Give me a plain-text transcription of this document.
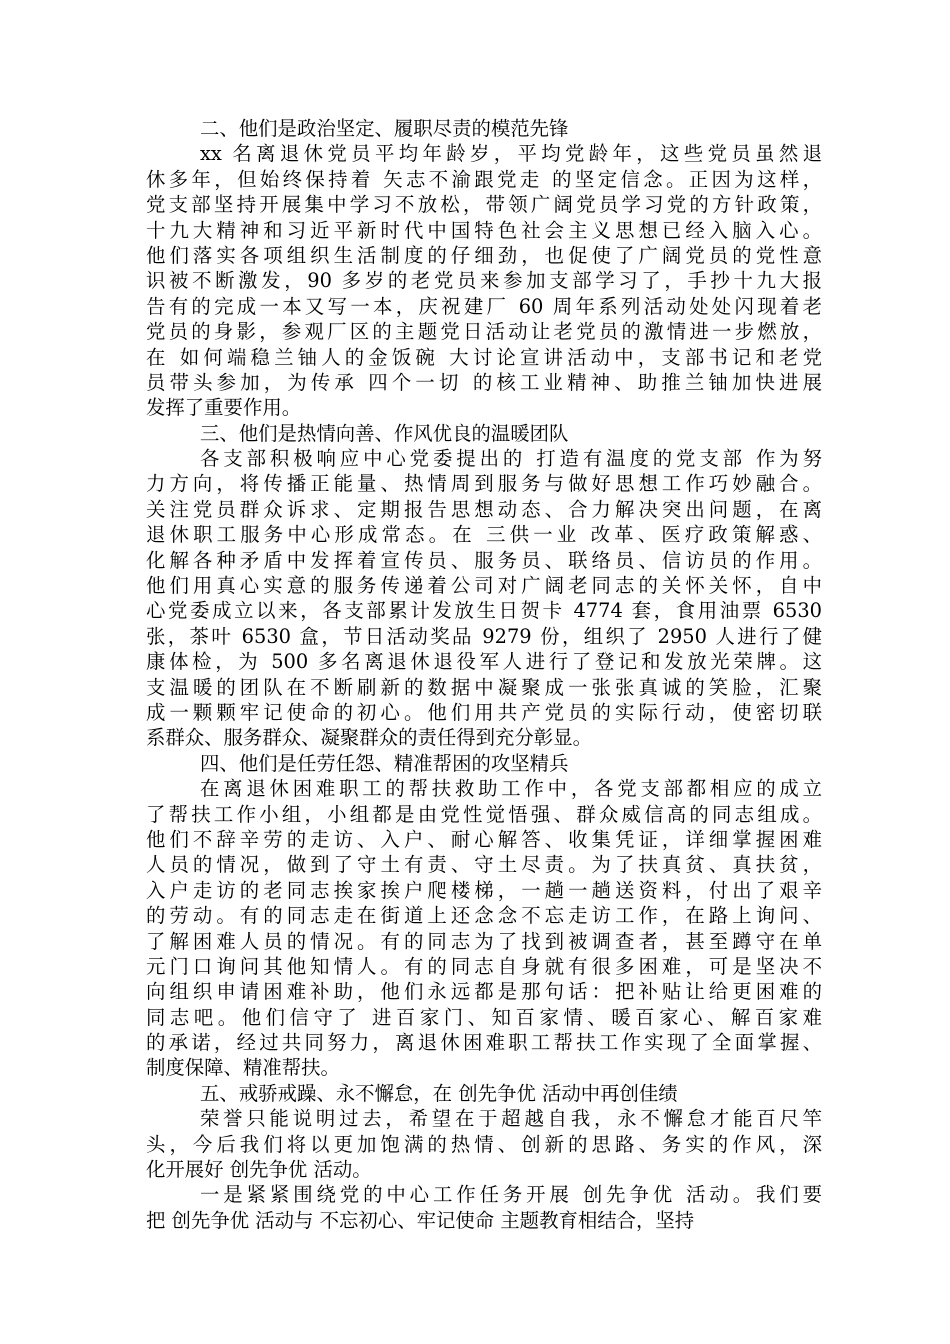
二、他们是政治坚定、履职尽责的模范先锋
xx 名离退休党员平均年龄岁，平均党龄年，这些党员虽然退
休多年，但始终保持着 矢志不渝跟党走 的坚定信念。正因为这样，
党支部坚持开展集中学习不放松，带领广阔党员学习党的方针政策，
十九大精神和习近平新时代中国特色社会主义思想已经入脑入心。
他们落实各项组织生活制度的仔细劲，也促使了广阔党员的党性意
识被不断激发，90 多岁的老党员来参加支部学习了，手抄十九大报
告有的完成一本又写一本，庆祝建厂 60 周年系列活动处处闪现着老
党员的身影，参观厂区的主题党日活动让老党员的激情进一步燃放，
在 如何端稳兰铀人的金饭碗 大讨论宣讲活动中，支部书记和老党
员带头参加，为传承 四个一切 的核工业精神、助推兰铀加快进展
发挥了重要作用。
三、他们是热情向善、作风优良的温暖团队
各支部积极响应中心党委提出的 打造有温度的党支部 作为努
力方向，将传播正能量、热情周到服务与做好思想工作巧妙融合。
关注党员群众诉求、定期报告思想动态、合力解决突出问题，在离
退休职工服务中心形成常态。在 三供一业 改革、医疗政策解惑、
化解各种矛盾中发挥着宣传员、服务员、联络员、信访员的作用。
他们用真心实意的服务传递着公司对广阔老同志的关怀关怀，自中
心党委成立以来，各支部累计发放生日贺卡 4774 套，食用油票 6530
张，茶叶 6530 盒，节日活动奖品 9279 份，组织了 2950 人进行了健
康体检，为 500 多名离退休退役军人进行了登记和发放光荣牌。这
支温暖的团队在不断刷新的数据中凝聚成一张张真诚的笑脸，汇聚
成一颗颗牢记使命的初心。他们用共产党员的实际行动，使密切联
系群众、服务群众、凝聚群众的责任得到充分彰显。
四、他们是任劳任怨、精准帮困的攻坚精兵
在离退休困难职工的帮扶救助工作中，各党支部都相应的成立
了帮扶工作小组，小组都是由党性觉悟强、群众威信高的同志组成。
他们不辞辛劳的走访、入户、耐心解答、收集凭证，详细掌握困难
人员的情况，做到了守土有责、守土尽责。为了扶真贫、真扶贫，
入户走访的老同志挨家挨户爬楼梯，一趟一趟送资料，付出了艰辛
的劳动。有的同志走在街道上还念念不忘走访工作，在路上询问、
了解困难人员的情况。有的同志为了找到被调查者，甚至蹲守在单
元门口询问其他知情人。有的同志自身就有很多困难，可是坚决不
向组织申请困难补助，他们永远都是那句话：把补贴让给更困难的
同志吧。他们信守了 进百家门、知百家情、暖百家心、解百家难
的承诺，经过共同努力，离退休困难职工帮扶工作实现了全面掌握、
制度保障、精准帮扶。
五、戒骄戒躁、永不懈怠，在 创先争优 活动中再创佳绩
荣誉只能说明过去，希望在于超越自我，永不懈怠才能百尺竿
头，今后我们将以更加饱满的热情、创新的思路、务实的作风，深
化开展好 创先争优 活动。
一是紧紧围绕党的中心工作任务开展 创先争优 活动。我们要
把 创先争优 活动与 不忘初心、牢记使命 主题教育相结合，坚持
